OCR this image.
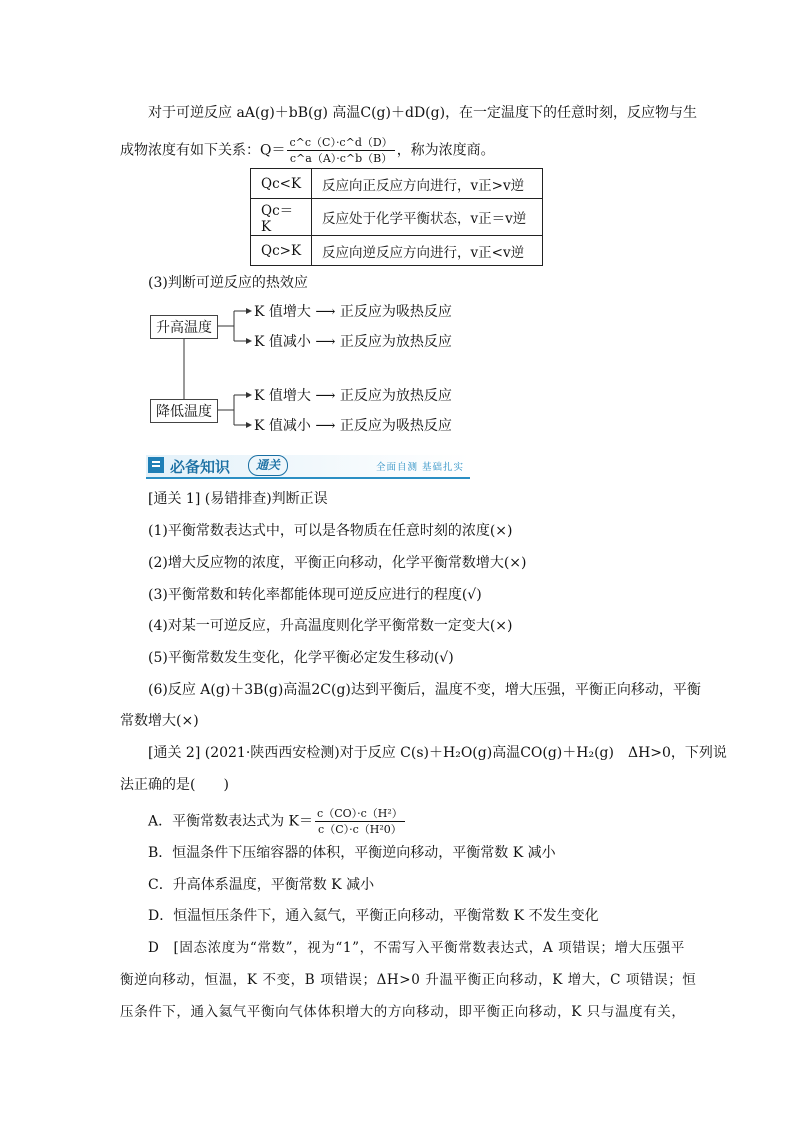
对于可逆反应 aA(g)＋bB(g) 高温C(g)＋dD(g)，在一定温度下的任意时刻，反应物与生
成物浓度有如下关系：$Q= \frac{c\^{}c(C)\cdot c\^{}d(D)}{c\^{}a(A)\cdot c\^{}b(B)}$ ，称为浓度商。
Qc<K	反应向正反应方向进行，v正>v逆
Qc＝K	反应处于化学平衡状态，v正＝v逆
Qc>K	反应向逆反应方向进行，v正<v逆
(3)判断可逆反应的热效应
升高温度
降低温度
K 值增大 ⟶ 正反应为吸热反应
K 值减小 ⟶ 正反应为放热反应
K 值增大 ⟶ 正反应为放热反应
K 值减小 ⟶ 正反应为吸热反应
必备知识	通关	全面自测 基础扎实
[通关 1] (易错排查)判断正误
(1)平衡常数表达式中，可以是各物质在任意时刻的浓度(×)
(2)增大反应物的浓度，平衡正向移动，化学平衡常数增大(×)
(3)平衡常数和转化率都能体现可逆反应进行的程度(√)
(4)对某一可逆反应，升高温度则化学平衡常数一定变大(×)
(5)平衡常数发生变化，化学平衡必定发生移动(√)
(6)反应 A(g)＋3B(g)高温2C(g)达到平衡后，温度不变，增大压强，平衡正向移动，平衡
常数增大(×)
[通关 2] (2021·陕西西安检测)对于反应 C(s)＋H₂O(g)高温CO(g)＋H₂(g)　ΔH>0，下列说
法正确的是(　　)
A．平衡常数表达式为 $K= \frac{\text{c（CO）·c（H²）}}{\text{c（C）·c（H²0）}}$
B．恒温条件下压缩容器的体积，平衡逆向移动，平衡常数 K 减小
C．升高体系温度，平衡常数 K 减小
D．恒温恒压条件下，通入氦气，平衡正向移动，平衡常数 K 不发生变化
D　[固态浓度为“常数”，视为“1”，不需写入平衡常数表达式，A 项错误；增大压强平
衡逆向移动，恒温，K 不变，B 项错误；ΔH>0 升温平衡正向移动，K 增大，C 项错误；恒
压条件下，通入氦气平衡向气体体积增大的方向移动，即平衡正向移动，K 只与温度有关，
